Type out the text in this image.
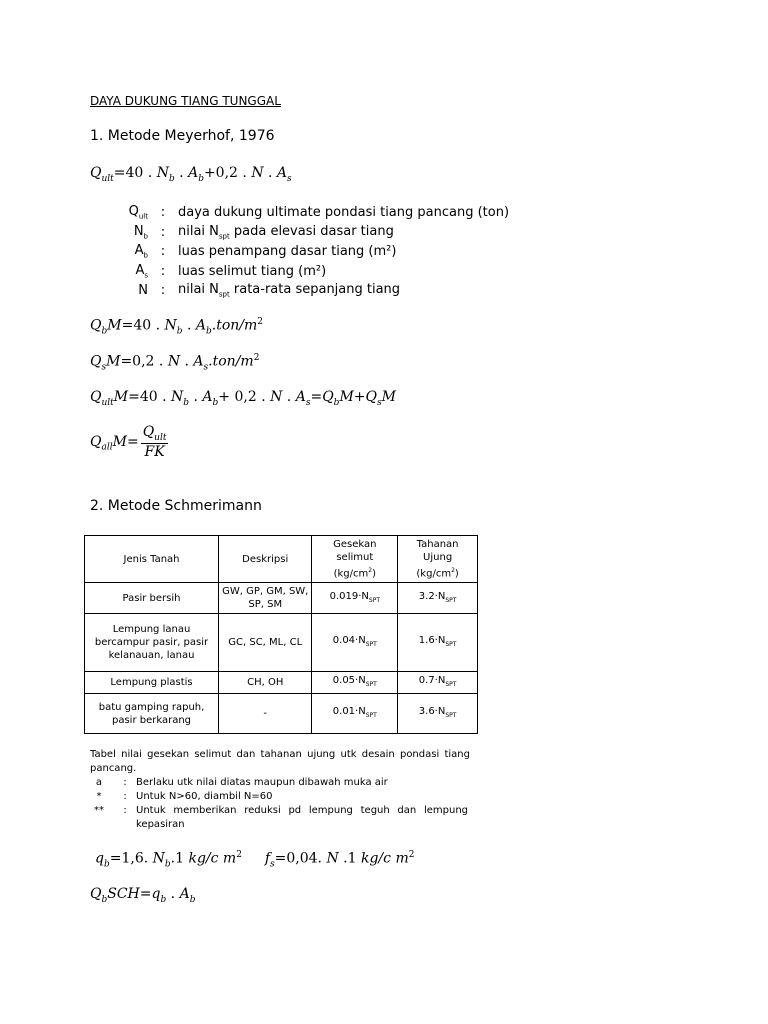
DAYA DUKUNG TIANG TUNGGAL
1. Metode Meyerhof, 1976
$Q_{ult}=40$ . $N_b$ . $A_b+0,2$ . N . $A_s$
$Q_{ult}$ : daya dukung ultimate pondasi tiang pancang (ton)
$N_b$ : nilai $N_{spt}$ pada elevasi dasar tiang
$A_b$ : luas penampang dasar tiang (m²)
$A_s$ : luas selimut tiang (m²)
N : nilai $N_{spt}$ rata-rata sepanjang tiang
$Q_bM=40$ . $N_b$ . $A_b.ton/m^2$
$Q_sM=0,2$ . N . $A_s.ton/m^2$
$Q_{ult}M=40$ . $N_b$ . $A_b+ 0,2$ . N . $A_s=Q_bM+Q_sM$
$Q_{all}M= \frac{Q_{ult}}{FK}$
2. Metode Schmerimann
Jenis Tanah	Deskripsi	Gesekan selimut $(kg/cm^2)$	Tahanan Ujung $(kg/cm^2)$
Pasir bersih	GW, GP, GM, SW, SP, SM	$0.019\cdot N_{SPT}$	$3.2\cdot N_{SPT}$
Lempung lanau bercampur pasir, pasir kelanauan, lanau	GC, SC, ML, CL	$0.04\cdot N_{SPT}$	$1.6\cdot N_{SPT}$
Lempung plastis	CH, OH	$0.05\cdot N_{SPT}$	$0.7\cdot N_{SPT}$
batu gamping rapuh, pasir berkarang	-	$0.01\cdot N_{SPT}$	$3.6\cdot N_{SPT}$
Tabel nilai gesekan selimut dan tahanan ujung utk desain pondasi tiang pancang.
a	: Berlaku utk nilai diatas maupun dibawah muka air
*	: Untuk N>60, diambil N=60
**	: Untuk memberikan reduksi pd lempung teguh dan lempung kepasiran
$q_b=1,6$. $N_b.1$ kg/c $m^2$  $f_s=0,04$. N .1 kg/c $m^2$
$Q_bSCH=q_b$ . $A_b$
